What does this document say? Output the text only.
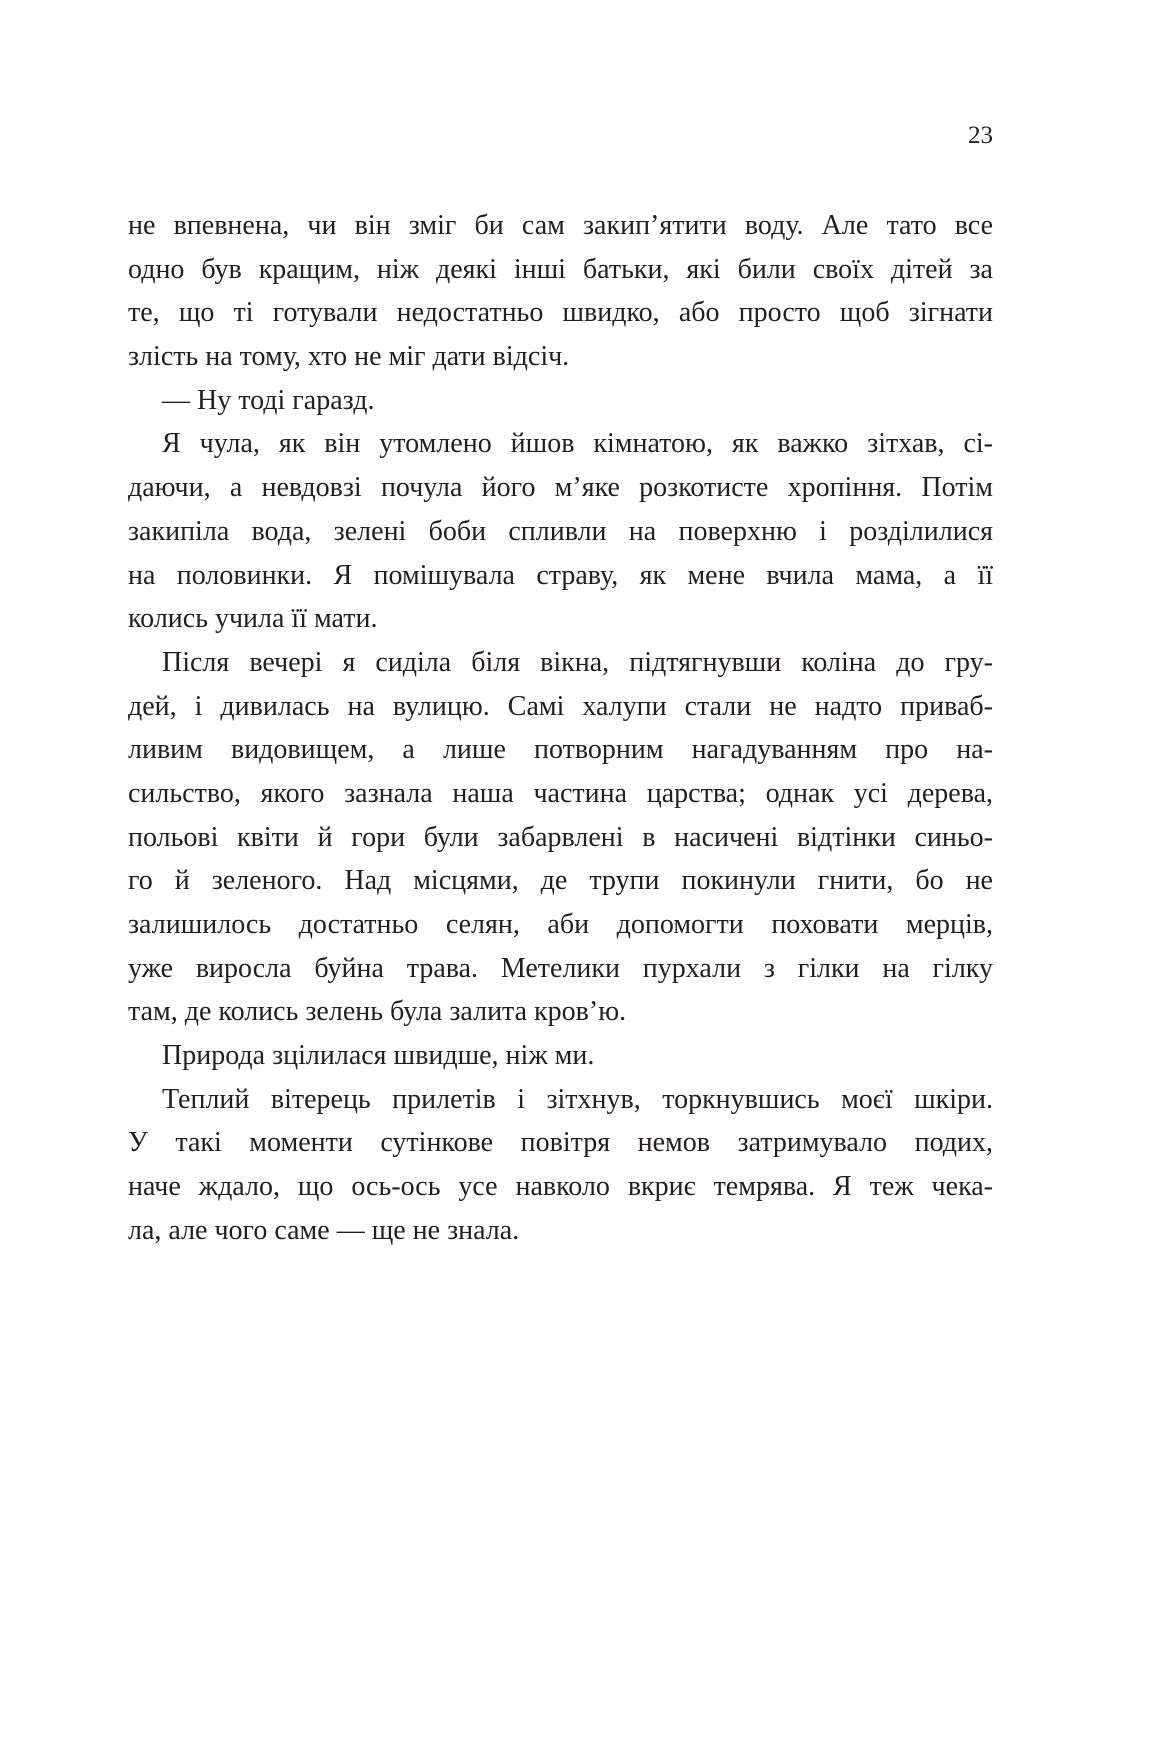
23
не впевнена, чи він зміг би сам закип’ятити воду. Але тато все
одно був кращим, ніж деякі інші батьки, які били своїх дітей за
те, що ті готували недостатньо швидко, або просто щоб зігнати
злість на тому, хто не міг дати відсіч.
— Ну тоді гаразд.
Я чула, як він утомлено йшов кімнатою, як важко зітхав, сі-
даючи, а невдовзі почула його м’яке розкотисте хропіння. Потім
закипіла вода, зелені боби спливли на поверхню і розділилися
на половинки. Я помішувала страву, як мене вчила мама, а її
колись учила її мати.
Після вечері я сиділа біля вікна, підтягнувши коліна до гру-
дей, і дивилась на вулицю. Самі халупи стали не надто приваб-
ливим видовищем, а лише потворним нагадуванням про на-
сильство, якого зазнала наша частина царства; однак усі дерева,
польові квіти й гори були забарвлені в насичені відтінки синьо-
го й зеленого. Над місцями, де трупи покинули гнити, бо не
залишилось достатньо селян, аби допомогти поховати мерців,
уже виросла буйна трава. Метелики пурхали з гілки на гілку
там, де колись зелень була залита кров’ю.
Природа зцілилася швидше, ніж ми.
Теплий вітерець прилетів і зітхнув, торкнувшись моєї шкіри.
У такі моменти сутінкове повітря немов затримувало подих,
наче ждало, що ось-ось усе навколо вкриє темрява. Я теж чека-
ла, але чого саме — ще не знала.
